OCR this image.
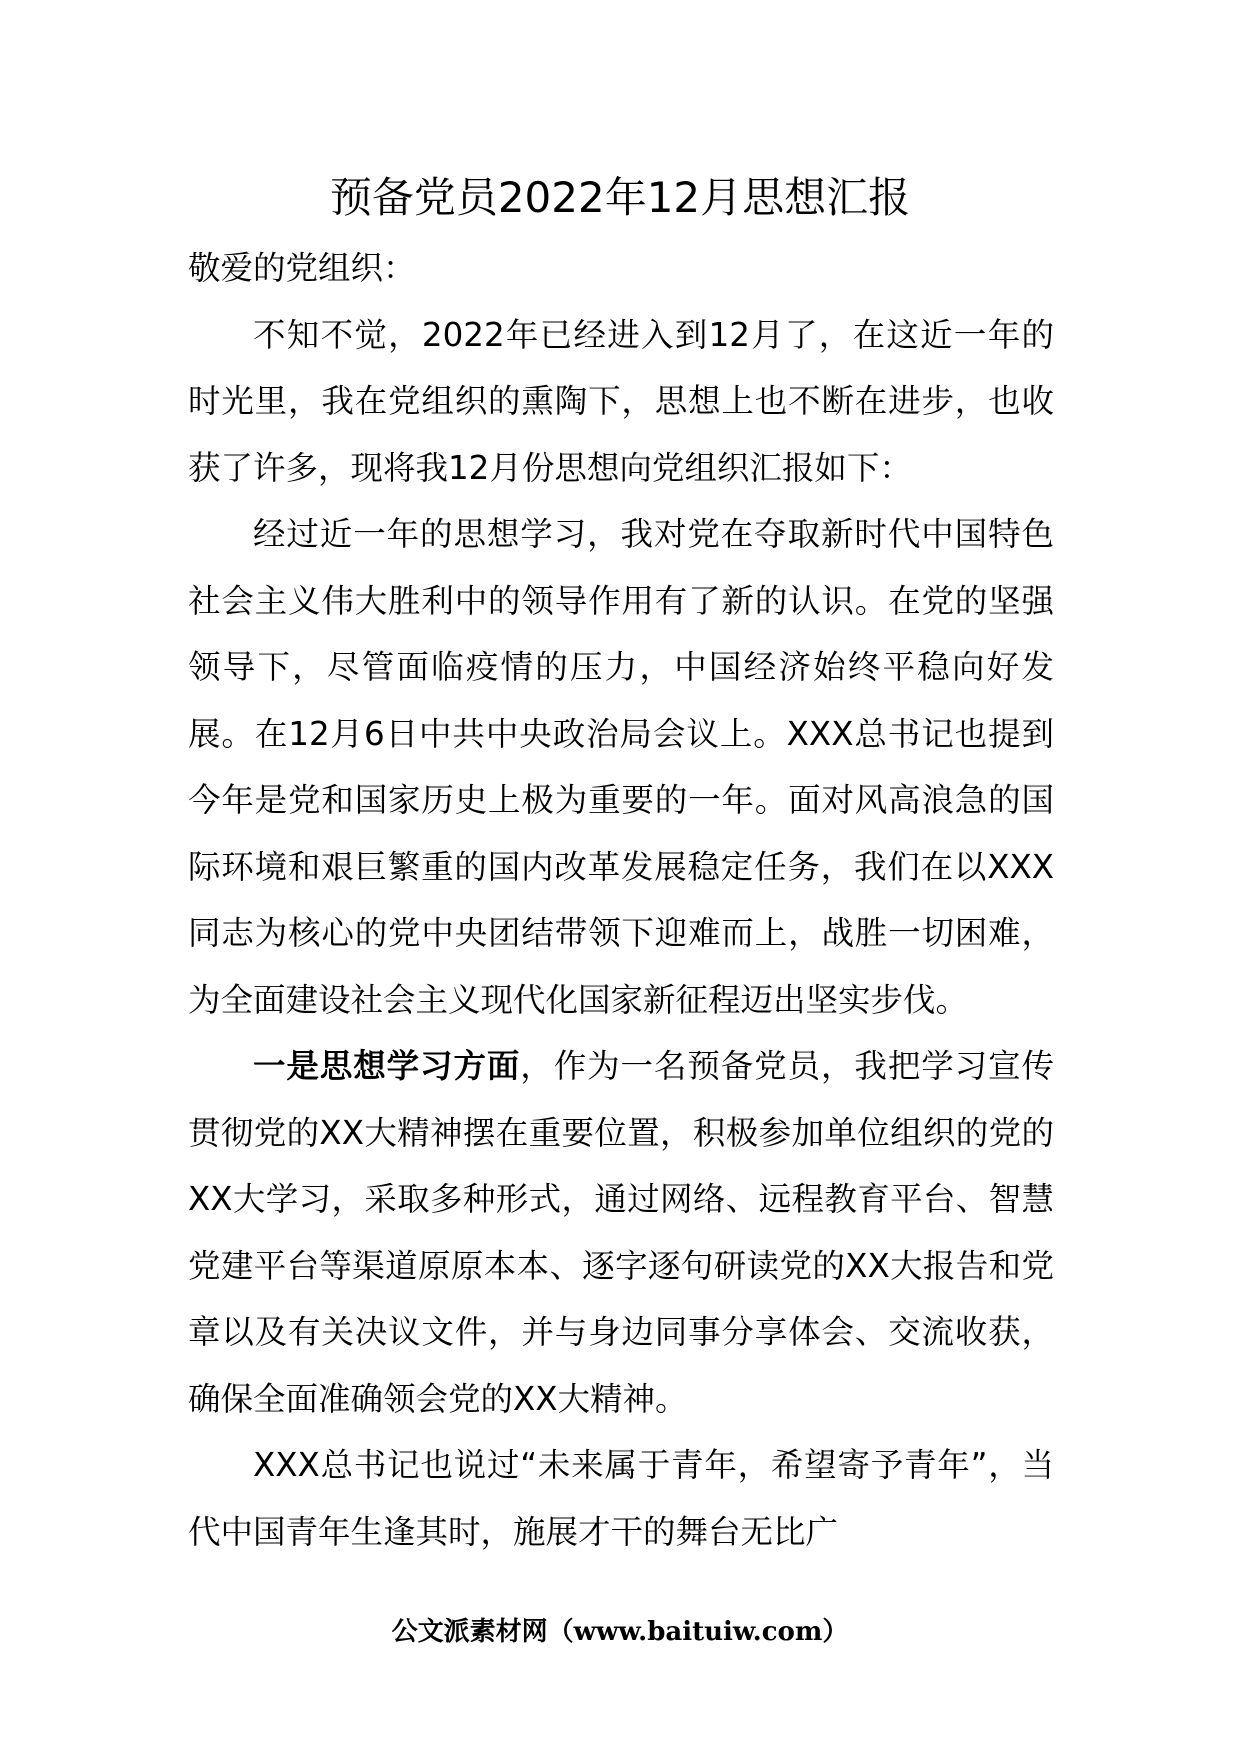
预备党员2022年12月思想汇报

敬爱的党组织：

不知不觉，2022年已经进入到12月了，在这近一年的时光里，我在党组织的熏陶下，思想上也不断在进步，也收获了许多，现将我12月份思想向党组织汇报如下：

经过近一年的思想学习，我对党在夺取新时代中国特色社会主义伟大胜利中的领导作用有了新的认识。在党的坚强领导下，尽管面临疫情的压力，中国经济始终平稳向好发展。在12月6日中共中央政治局会议上。XXX总书记也提到今年是党和国家历史上极为重要的一年。面对风高浪急的国际环境和艰巨繁重的国内改革发展稳定任务，我们在以XXX同志为核心的党中央团结带领下迎难而上，战胜一切困难，为全面建设社会主义现代化国家新征程迈出坚实步伐。

一是思想学习方面，作为一名预备党员，我把学习宣传贯彻党的XX大精神摆在重要位置，积极参加单位组织的党的XX大学习，采取多种形式，通过网络、远程教育平台、智慧党建平台等渠道原原本本、逐字逐句研读党的XX大报告和党章以及有关决议文件，并与身边同事分享体会、交流收获，确保全面准确领会党的XX大精神。

XXX总书记也说过“未来属于青年，希望寄予青年”，当代中国青年生逢其时，施展才干的舞台无比广

公文派素材网（www.baituiw.com）
